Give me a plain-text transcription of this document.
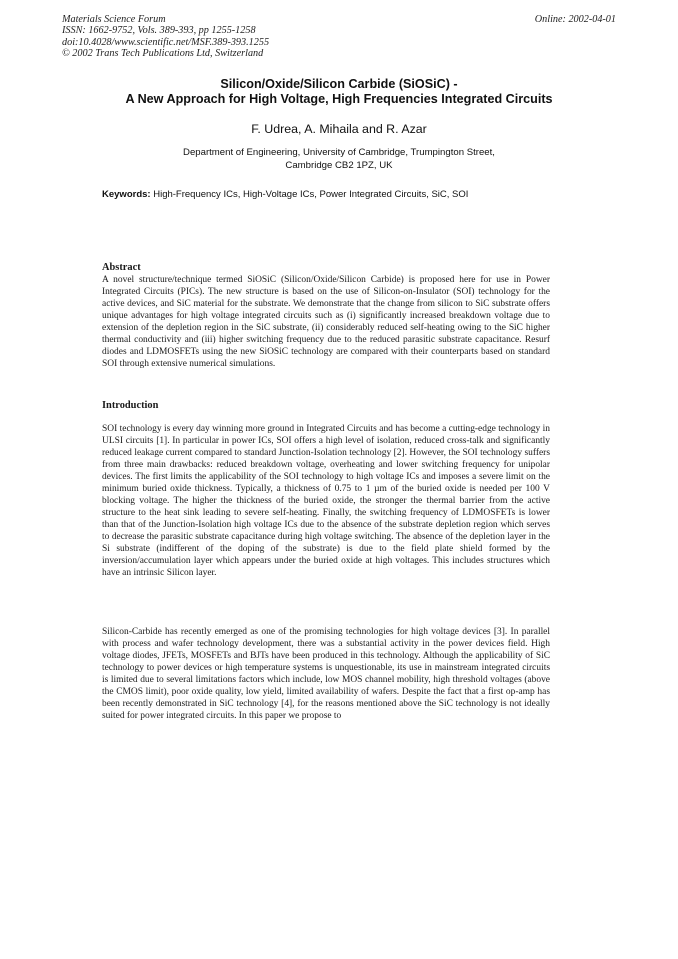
Materials Science Forum
ISSN: 1662-9752, Vols. 389-393, pp 1255-1258
doi:10.4028/www.scientific.net/MSF.389-393.1255
© 2002 Trans Tech Publications Ltd, Switzerland
Online: 2002-04-01
Silicon/Oxide/Silicon Carbide (SiOSiC) -
A New Approach for High Voltage, High Frequencies Integrated Circuits
F. Udrea, A. Mihaila and R. Azar
Department of Engineering, University of Cambridge, Trumpington Street,
Cambridge CB2 1PZ, UK
Keywords: High-Frequency ICs, High-Voltage ICs, Power Integrated Circuits, SiC, SOI
Abstract

A novel structure/technique termed SiOSiC (Silicon/Oxide/Silicon Carbide) is proposed here for use in Power Integrated Circuits (PICs). The new structure is based on the use of Silicon-on-Insulator (SOI) technology for the active devices, and SiC material for the substrate. We demonstrate that the change from silicon to SiC substrate offers unique advantages for high voltage integrated circuits such as (i) significantly increased breakdown voltage due to extension of the depletion region in the SiC substrate, (ii) considerably reduced self-heating owing to the SiC higher thermal conductivity and (iii) higher switching frequency due to the reduced parasitic substrate capacitance. Resurf diodes and LDMOSFETs using the new SiOSiC technology are compared with their counterparts based on standard SOI through extensive numerical simulations.

Introduction

SOI technology is every day winning more ground in Integrated Circuits and has become a cutting-edge technology in ULSI circuits [1]. In particular in power ICs, SOI offers a high level of isolation, reduced cross-talk and significantly reduced leakage current compared to standard Junction-Isolation technology [2]. However, the SOI technology suffers from three main drawbacks: reduced breakdown voltage, overheating and lower switching frequency for unipolar devices. The first limits the applicability of the SOI technology to high voltage ICs and imposes a severe limit on the minimum buried oxide thickness. Typically, a thickness of 0.75 to 1 µm of the buried oxide is needed per 100 V blocking voltage. The higher the thickness of the buried oxide, the stronger the thermal barrier from the active structure to the heat sink leading to severe self-heating. Finally, the switching frequency of LDMOSFETs is lower than that of the Junction-Isolation high voltage ICs due to the absence of the substrate depletion region which serves to decrease the parasitic substrate capacitance during high voltage switching. The absence of the depletion layer in the Si substrate (indifferent of the doping of the substrate) is due to the field plate shield formed by the inversion/accumulation layer which appears under the buried oxide at high voltages. This includes structures which have an intrinsic Silicon layer.

Silicon-Carbide has recently emerged as one of the promising technologies for high voltage devices [3]. In parallel with process and wafer technology development, there was a substantial activity in the power devices field. High voltage diodes, JFETs, MOSFETs and BJTs have been produced in this technology. Although the applicability of SiC technology to power devices or high temperature systems is unquestionable, its use in mainstream integrated circuits is limited due to several limitations factors which include, low MOS channel mobility, high threshold voltages (above the CMOS limit), poor oxide quality, low yield, limited availability of wafers. Despite the fact that a first op-amp has been recently demonstrated in SiC technology [4], for the reasons mentioned above the SiC technology is not ideally suited for power integrated circuits. In this paper we propose to
